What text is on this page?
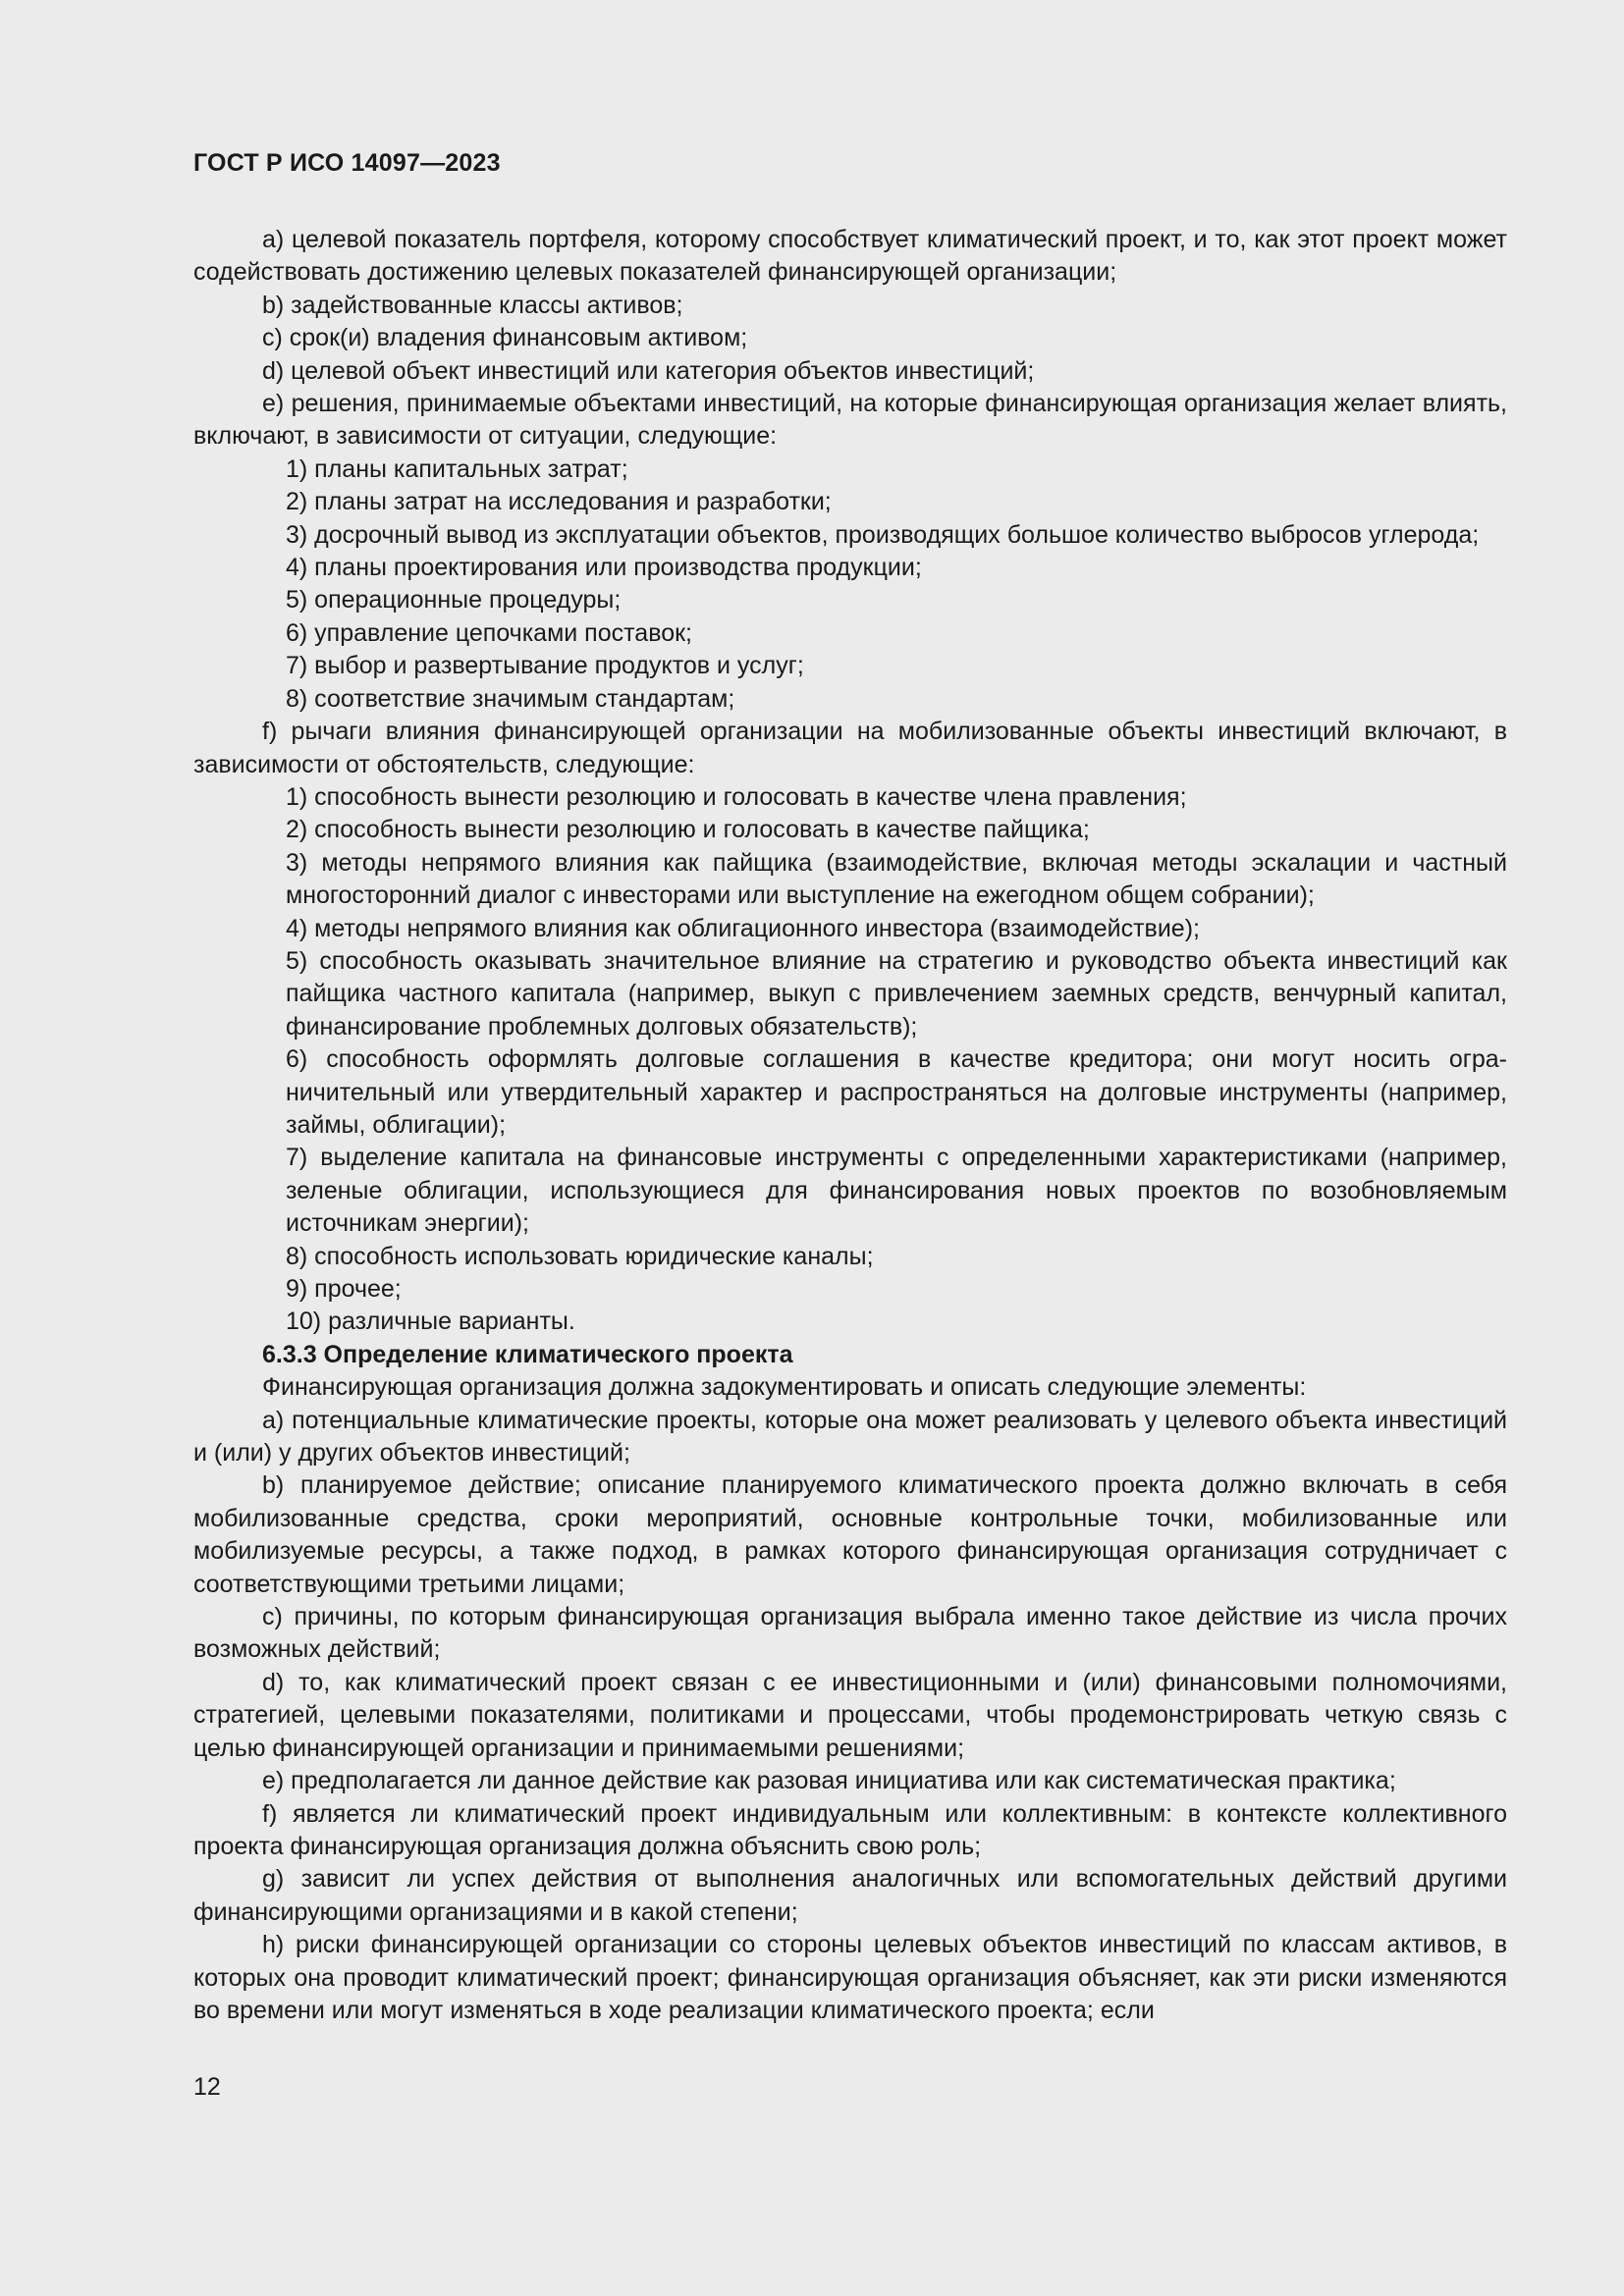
ГОСТ Р ИСО 14097—2023

a) целевой показатель портфеля, которому способствует климатический проект, и то, как этот проект может содействовать достижению целевых показателей финансирующей организации;

b) задействованные классы активов;

c) срок(и) владения финансовым активом;

d) целевой объект инвестиций или категория объектов инвестиций;

e) решения, принимаемые объектами инвестиций, на которые финансирующая организация желает влиять, включают, в зависимости от ситуации, следующие:

1) планы капитальных затрат;

2) планы затрат на исследования и разработки;

3) досрочный вывод из эксплуатации объектов, производящих большое количество выбросов углерода;

4) планы проектирования или производства продукции;

5) операционные процедуры;

6) управление цепочками поставок;

7) выбор и развертывание продуктов и услуг;

8) соответствие значимым стандартам;

f) рычаги влияния финансирующей организации на мобилизованные объекты инвестиций включают, в зависимости от обстоятельств, следующие:

1) способность вынести резолюцию и голосовать в качестве члена правления;

2) способность вынести резолюцию и голосовать в качестве пайщика;

3) методы непрямого влияния как пайщика (взаимодействие, включая методы эскалации и частный многосторонний диалог с инвесторами или выступление на ежегодном общем собрании);

4) методы непрямого влияния как облигационного инвестора (взаимодействие);

5) способность оказывать значительное влияние на стратегию и руководство объекта инвестиций как пайщика частного капитала (например, выкуп с привлечением заемных средств, венчурный капитал, финансирование проблемных долговых обязательств);

6) способность оформлять долговые соглашения в качестве кредитора; они могут носить ограничительный или утвердительный характер и распространяться на долговые инструменты (например, займы, облигации);

7) выделение капитала на финансовые инструменты с определенными характеристиками (например, зеленые облигации, использующиеся для финансирования новых проектов по возобновляемым источникам энергии);

8) способность использовать юридические каналы;

9) прочее;

10) различные варианты.

6.3.3 Определение климатического проекта

Финансирующая организация должна задокументировать и описать следующие элементы:

a) потенциальные климатические проекты, которые она может реализовать у целевого объекта инвестиций и (или) у других объектов инвестиций;

b) планируемое действие; описание планируемого климатического проекта должно включать в себя мобилизованные средства, сроки мероприятий, основные контрольные точки, мобилизованные или мобилизуемые ресурсы, а также подход, в рамках которого финансирующая организация сотрудничает с соответствующими третьими лицами;

c) причины, по которым финансирующая организация выбрала именно такое действие из числа прочих возможных действий;

d) то, как климатический проект связан с ее инвестиционными и (или) финансовыми полномочиями, стратегией, целевыми показателями, политиками и процессами, чтобы продемонстрировать четкую связь с целью финансирующей организации и принимаемыми решениями;

e) предполагается ли данное действие как разовая инициатива или как систематическая практика;

f) является ли климатический проект индивидуальным или коллективным: в контексте коллективного проекта финансирующая организация должна объяснить свою роль;

g) зависит ли успех действия от выполнения аналогичных или вспомогательных действий другими финансирующими организациями и в какой степени;

h) риски финансирующей организации со стороны целевых объектов инвестиций по классам активов, в которых она проводит климатический проект; финансирующая организация объясняет, как эти риски изменяются во времени или могут изменяться в ходе реализации климатического проекта; если

12
